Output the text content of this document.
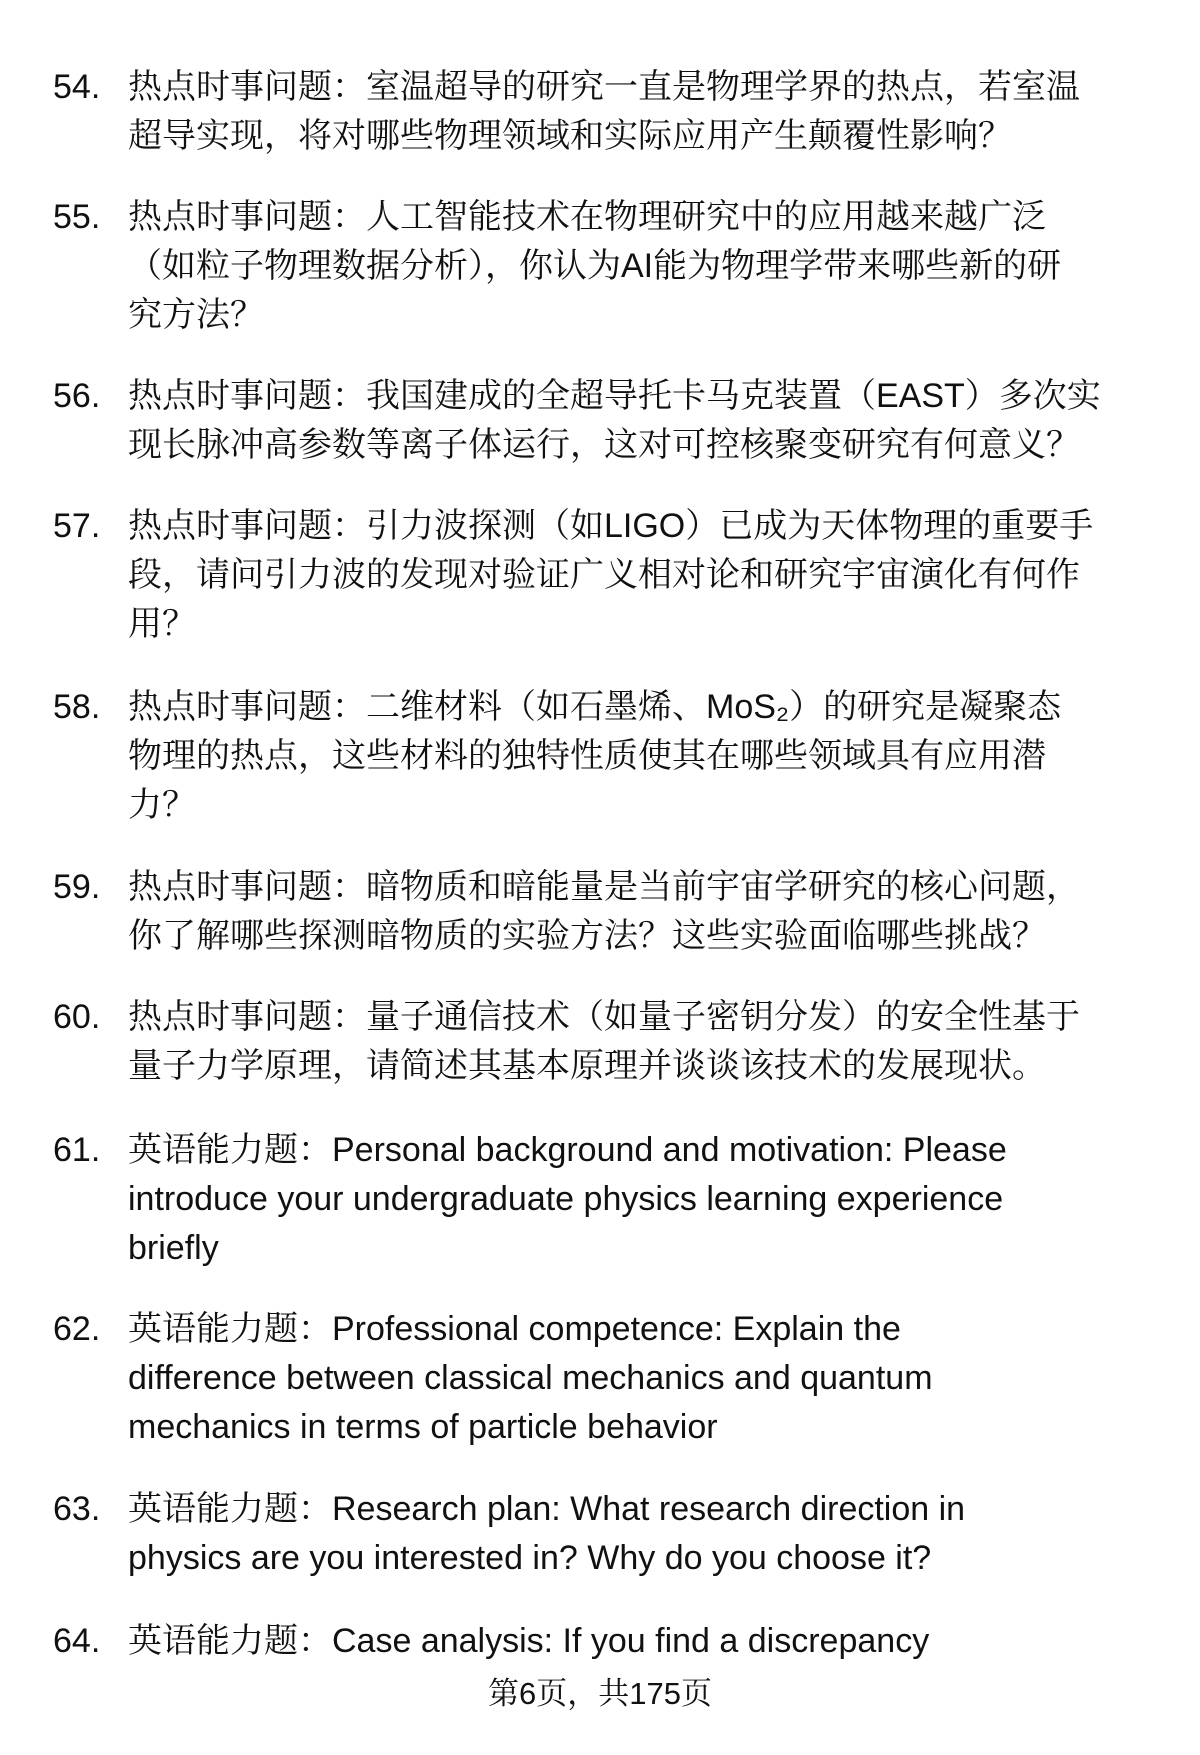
54. 热点时事问题：室温超导的研究一直是物理学界的热点，若室温
超导实现，将对哪些物理领域和实际应用产生颠覆性影响？
55. 热点时事问题：人工智能技术在物理研究中的应用越来越广泛
（如粒子物理数据分析），你认为AI能为物理学带来哪些新的研
究方法？
56. 热点时事问题：我国建成的全超导托卡马克装置（EAST）多次实
现长脉冲高参数等离子体运行，这对可控核聚变研究有何意义？
57. 热点时事问题：引力波探测（如LIGO）已成为天体物理的重要手
段，请问引力波的发现对验证广义相对论和研究宇宙演化有何作
用？
58. 热点时事问题：二维材料（如石墨烯、MoS₂）的研究是凝聚态
物理的热点，这些材料的独特性质使其在哪些领域具有应用潜
力？
59. 热点时事问题：暗物质和暗能量是当前宇宙学研究的核心问题，
你了解哪些探测暗物质的实验方法？这些实验面临哪些挑战？
60. 热点时事问题：量子通信技术（如量子密钥分发）的安全性基于
量子力学原理，请简述其基本原理并谈谈该技术的发展现状。
61. 英语能力题：Personal background and motivation: Please
introduce your undergraduate physics learning experience
briefly
62. 英语能力题：Professional competence: Explain the
difference between classical mechanics and quantum
mechanics in terms of particle behavior
63. 英语能力题：Research plan: What research direction in
physics are you interested in? Why do you choose it?
64. 英语能力题：Case analysis: If you find a discrepancy
第6页，共175页
